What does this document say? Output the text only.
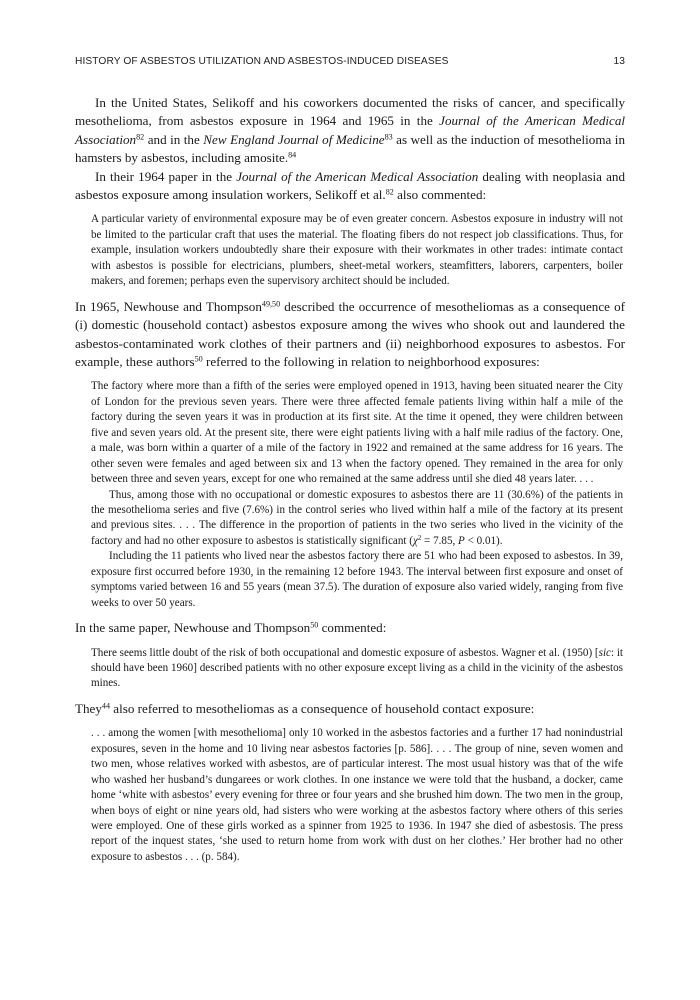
HISTORY OF ASBESTOS UTILIZATION AND ASBESTOS-INDUCED DISEASES	13

In the United States, Selikoff and his coworkers documented the risks of cancer, and specifically mesothelioma, from asbestos exposure in 1964 and 1965 in the Journal of the American Medical Association$^{82}$ and in the New England Journal of Medicine$^{83}$ as well as the induction of mesothelioma in hamsters by asbestos, including amosite.$^{84}$

In their 1964 paper in the Journal of the American Medical Association dealing with neoplasia and asbestos exposure among insulation workers, Selikoff et al.$^{82}$ also commented:

A particular variety of environmental exposure may be of even greater concern. Asbestos exposure in industry will not be limited to the particular craft that uses the material. The floating fibers do not respect job classifications. Thus, for example, insulation workers undoubtedly share their exposure with their workmates in other trades: intimate contact with asbestos is possible for electricians, plumbers, sheet-metal workers, steamfitters, laborers, carpenters, boiler makers, and foremen; perhaps even the supervisory architect should be included.

In 1965, Newhouse and Thompson$^{49,50}$ described the occurrence of mesotheliomas as a consequence of (i) domestic (household contact) asbestos exposure among the wives who shook out and laundered the asbestos-contaminated work clothes of their partners and (ii) neighborhood exposures to asbestos. For example, these authors$^{50}$ referred to the following in relation to neighborhood exposures:

The factory where more than a fifth of the series were employed opened in 1913, having been situated nearer the City of London for the previous seven years. There were three affected female patients living within half a mile of the factory during the seven years it was in production at its first site. At the time it opened, they were children between five and seven years old. At the present site, there were eight patients living with a half mile radius of the factory. One, a male, was born within a quarter of a mile of the factory in 1922 and remained at the same address for 16 years. The other seven were females and aged between six and 13 when the factory opened. They remained in the area for only between three and seven years, except for one who remained at the same address until she died 48 years later. . . .

Thus, among those with no occupational or domestic exposures to asbestos there are 11 (30.6%) of the patients in the mesothelioma series and five (7.6%) in the control series who lived within half a mile of the factory at its present and previous sites. . . . The difference in the proportion of patients in the two series who lived in the vicinity of the factory and had no other exposure to asbestos is statistically significant ($\chi^2 = 7.85$, P < 0.01).

Including the 11 patients who lived near the asbestos factory there are 51 who had been exposed to asbestos. In 39, exposure first occurred before 1930, in the remaining 12 before 1943. The interval between first exposure and onset of symptoms varied between 16 and 55 years (mean 37.5). The duration of exposure also varied widely, ranging from five weeks to over 50 years.

In the same paper, Newhouse and Thompson$^{50}$ commented:

There seems little doubt of the risk of both occupational and domestic exposure of asbestos. Wagner et al. (1950) [sic: it should have been 1960] described patients with no other exposure except living as a child in the vicinity of the asbestos mines.

They$^{44}$ also referred to mesotheliomas as a consequence of household contact exposure:

. . . among the women [with mesothelioma] only 10 worked in the asbestos factories and a further 17 had nonindustrial exposures, seven in the home and 10 living near asbestos factories [p. 586]. . . . The group of nine, seven women and two men, whose relatives worked with asbestos, are of particular interest. The most usual history was that of the wife who washed her husband’s dungarees or work clothes. In one instance we were told that the husband, a docker, came home ‘white with asbestos’ every evening for three or four years and she brushed him down. The two men in the group, when boys of eight or nine years old, had sisters who were working at the asbestos factory where others of this series were employed. One of these girls worked as a spinner from 1925 to 1936. In 1947 she died of asbestosis. The press report of the inquest states, ‘she used to return home from work with dust on her clothes.’ Her brother had no other exposure to asbestos . . . (p. 584).
